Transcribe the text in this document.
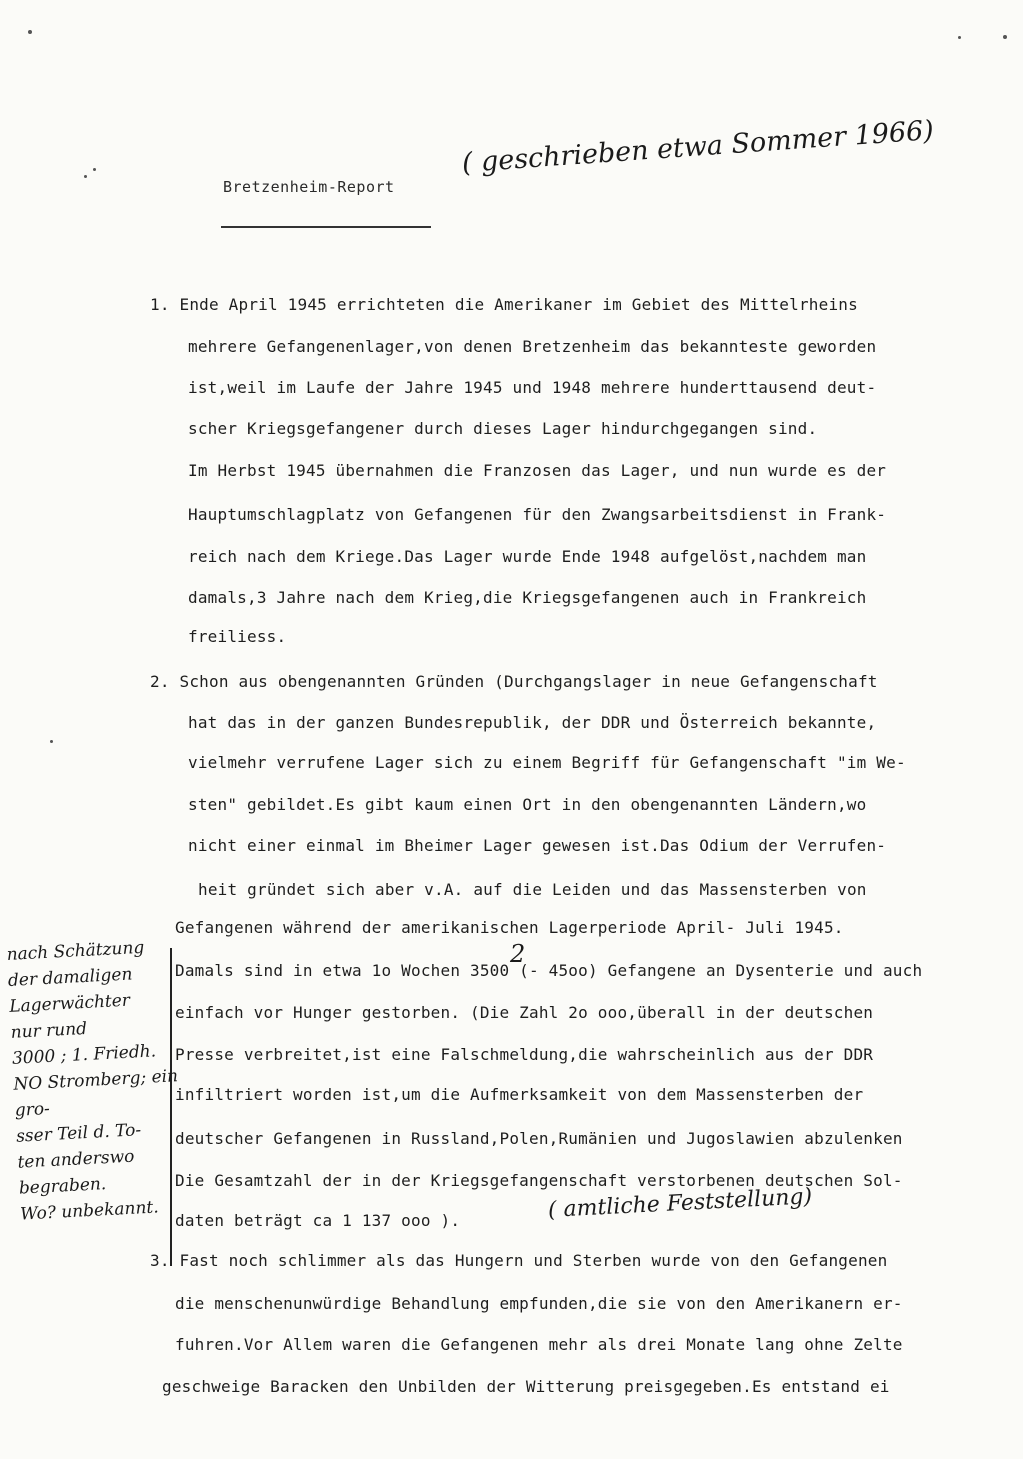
Bretzenheim-Report
( geschrieben etwa Sommer 1966)
1. Ende April 1945 errichteten die Amerikaner im Gebiet des Mittelrheins
mehrere Gefangenenlager,von denen Bretzenheim das bekannteste geworden
ist,weil im Laufe der Jahre 1945 und 1948 mehrere hunderttausend deut-
scher Kriegsgefangener durch dieses Lager hindurchgegangen sind.
Im Herbst 1945 übernahmen die Franzosen das Lager, und nun wurde es der
Hauptumschlagplatz von Gefangenen für den Zwangsarbeitsdienst in Frank-
reich nach dem Kriege.Das Lager wurde Ende 1948 aufgelöst,nachdem man
damals,3 Jahre nach dem Krieg,die Kriegsgefangenen auch in Frankreich
freiliess.
2. Schon aus obengenannten Gründen (Durchgangslager in neue Gefangenschaft
hat das in der ganzen Bundesrepublik, der DDR und Österreich bekannte,
vielmehr verrufene Lager sich zu einem Begriff für Gefangenschaft "im We-
sten" gebildet.Es gibt kaum einen Ort in den obengenannten Ländern,wo
nicht einer einmal im Bheimer Lager gewesen ist.Das Odium der Verrufen-
heit gründet sich aber v.A. auf die Leiden und das Massensterben von
Gefangenen während der amerikanischen Lagerperiode April- Juli 1945.
Damals sind in etwa 1o Wochen 3500 (- 45oo) Gefangene an Dysenterie und auch
einfach vor Hunger gestorben. (Die Zahl 2o ooo,überall in der deutschen
Presse verbreitet,ist eine Falschmeldung,die wahrscheinlich aus der DDR
infiltriert worden ist,um die Aufmerksamkeit von dem Massensterben der
deutscher Gefangenen in Russland,Polen,Rumänien und Jugoslawien abzulenken
Die Gesamtzahl der in der Kriegsgefangenschaft verstorbenen deutschen Sol-
daten beträgt ca 1 137 ooo ).
3. Fast noch schlimmer als das Hungern und Sterben wurde von den Gefangenen
die menschenunwürdige Behandlung empfunden,die sie von den Amerikanern er-
fuhren.Vor Allem waren die Gefangenen mehr als drei Monate lang ohne Zelte
geschweige Baracken den Unbilden der Witterung preisgegeben.Es entstand ei
nach Schätzung
der damaligen
Lagerwächter
nur rund
3000 ; 1. Friedh.
NO Stromberg; ein gro-
sser Teil d. To-
ten anderswo
begraben.
Wo? unbekannt.	( amtliche Feststellung)
2
